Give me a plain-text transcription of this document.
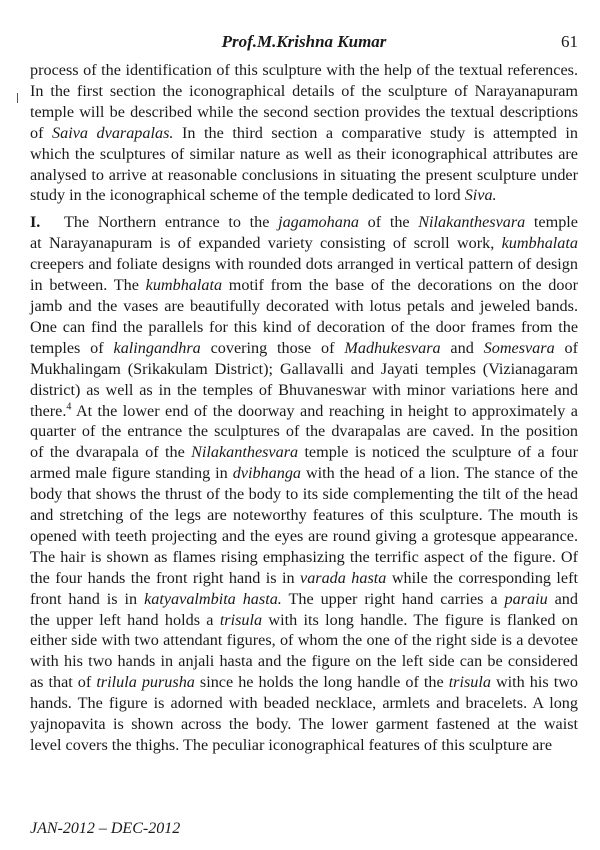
Prof.M.Krishna Kumar	61
process of the identification of this sculpture with the help of the textual references.
In the first section the iconographical details of the sculpture of Narayanapuram
temple will be described while the second section provides the textual descriptions
of Saiva dvarapalas. In the third section a comparative study is attempted in
which the sculptures of similar nature as well as their iconographical attributes are
analysed to arrive at reasonable conclusions in situating the present sculpture under
study in the iconographical scheme of the temple dedicated to lord Siva.
I. The Northern entrance to the jagamohana of the Nilakanthesvara temple
at Narayanapuram is of expanded variety consisting of scroll work, kumbhalata
creepers and foliate designs with rounded dots arranged in vertical pattern of design
in between. The kumbhalata motif from the base of the decorations on the door
jamb and the vases are beautifully decorated with lotus petals and jeweled bands.
One can find the parallels for this kind of decoration of the door frames from the
temples of kalingandhra covering those of Madhukesvara and Somesvara of
Mukhalingam (Srikakulam District); Gallavalli and Jayati temples (Vizianagaram
district) as well as in the temples of Bhuvaneswar with minor variations here and
there.$^4$ At the lower end of the doorway and reaching in height to approximately a
quarter of the entrance the sculptures of the dvarapalas are caved. In the position
of the dvarapala of the Nilakanthesvara temple is noticed the sculpture of a four
armed male figure standing in dvibhanga with the head of a lion. The stance of the
body that shows the thrust of the body to its side complementing the tilt of the head
and stretching of the legs are noteworthy features of this sculpture. The mouth is
opened with teeth projecting and the eyes are round giving a grotesque appearance.
The hair is shown as flames rising emphasizing the terrific aspect of the figure. Of
the four hands the front right hand is in varada hasta while the corresponding left
front hand is in katyavalmbita hasta. The upper right hand carries a paraiu and
the upper left hand holds a trisula with its long handle. The figure is flanked on
either side with two attendant figures, of whom the one of the right side is a devotee
with his two hands in anjali hasta and the figure on the left side can be considered
as that of trilula purusha since he holds the long handle of the trisula with his two
hands. The figure is adorned with beaded necklace, armlets and bracelets. A long
yajnopavita is shown across the body. The lower garment fastened at the waist
level covers the thighs. The peculiar iconographical features of this sculpture are
JAN-2012 – DEC-2012
